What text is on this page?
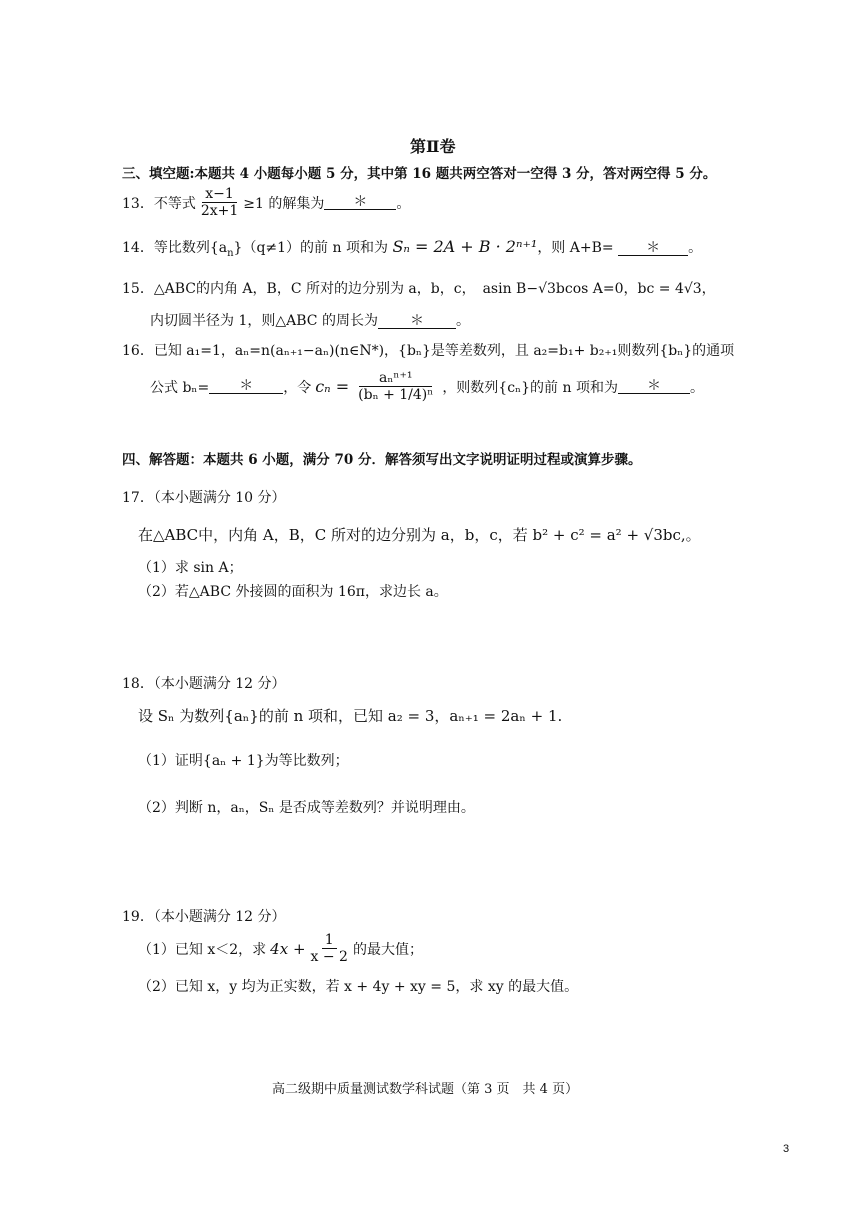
第Ⅱ卷
三、填空题:本题共 4 小题每小题 5 分，其中第 16 题共两空答对一空得 3 分，答对两空得 5 分。
13． 不等式 $\frac{x-1}{2x+1} \ge 1$ 的解集为	＊	。
14．等比数列$\{a_n\}(q\ne 1)$的前 n 项和为 Sₙ = 2A + B · 2ⁿ⁺¹，则 A+B= ＊ 。
15．△ABC的内角 A，B，C 所对的边分别为 a，b，c，　asin B−√3bcos A=0，bc = 4√3，
内切圆半径为 1，则△ABC 的周长为 ＊ 。
16．已知 a₁=1，aₙ=n(aₙ₊₁−aₙ)(n∈N*)，{bₙ}是等差数列，且 a₂=b₁+ b₂₊₁则数列{bₙ}的通项
公式 bₙ=	＊	，令 $c_n = \frac{\text{aₙⁿ⁺¹}}{\text{(bₙ + 1/4)ⁿ}}$ ，则数列{cₙ}的前 n 项和为	＊	。
四、解答题：本题共 6 小题，满分 70 分．解答须写出文字说明证明过程或演算步骤。
17．（本小题满分 10 分）
在△ABC中，内角 A，B，C 所对的边分别为 a，b，c，若 b² + c² = a² + √3bc,。
（1）求 sin A；
（2）若△ABC 外接圆的面积为 16π，求边长 a。
18．（本小题满分 12 分）
设 Sₙ 为数列{aₙ}的前 n 项和，已知 a₂ = 3，aₙ₊₁ = 2aₙ + 1.
（1）证明{aₙ + 1}为等比数列；
（2）判断 n，aₙ，Sₙ 是否成等差数列？并说明理由。
19．（本小题满分 12 分）
（1）已知 x＜2，求 $4x + \frac{1}{x - 2}$ 的最大值；
（2）已知 x，y 均为正实数，若 x + 4y + xy = 5，求 xy 的最大值。
高二级期中质量测试数学科试题（第 3 页　共 4 页）
3
